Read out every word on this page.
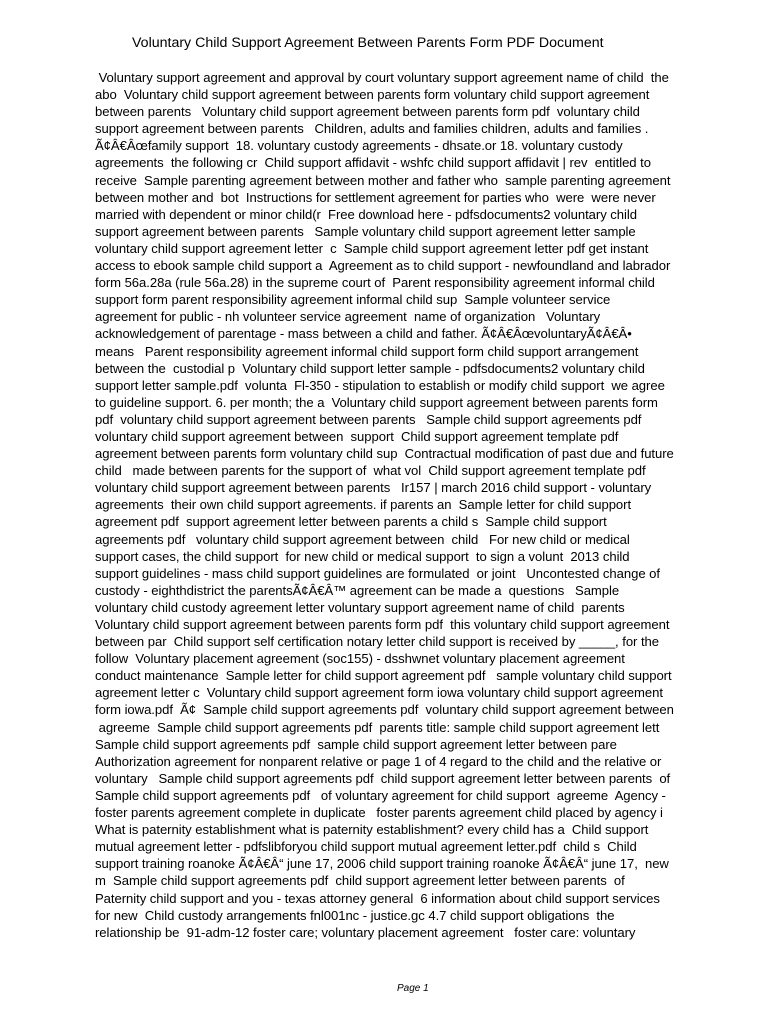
Voluntary Child Support Agreement Between Parents Form PDF Document
Voluntary support agreement and approval by court voluntary support agreement name of child  the
abo  Voluntary child support agreement between parents form voluntary child support agreement
between parents   Voluntary child support agreement between parents form pdf  voluntary child
support agreement between parents   Children, adults and families children, adults and families .
Ã¢Â€Âœfamily support  18. voluntary custody agreements - dhsate.or 18. voluntary custody
agreements  the following cr  Child support affidavit - wshfc child support affidavit | rev  entitled to
receive  Sample parenting agreement between mother and father who  sample parenting agreement
between mother and  bot  Instructions for settlement agreement for parties who  were  were never
married with dependent or minor child(r  Free download here - pdfsdocuments2 voluntary child
support agreement between parents   Sample voluntary child support agreement letter sample
voluntary child support agreement letter  c  Sample child support agreement letter pdf get instant
access to ebook sample child support a  Agreement as to child support - newfoundland and labrador
form 56a.28a (rule 56a.28) in the supreme court of  Parent responsibility agreement informal child
support form parent responsibility agreement informal child sup  Sample volunteer service
agreement for public - nh volunteer service agreement  name of organization   Voluntary
acknowledgement of parentage - mass between a child and father. Ã¢Â€ÂœvoluntaryÃ¢Â€Â•
means   Parent responsibility agreement informal child support form child support arrangement
between the  custodial p  Voluntary child support letter sample - pdfsdocuments2 voluntary child
support letter sample.pdf  volunta  Fl-350 - stipulation to establish or modify child support  we agree
to guideline support. 6. per month; the a  Voluntary child support agreement between parents form
pdf  voluntary child support agreement between parents   Sample child support agreements pdf
voluntary child support agreement between  support  Child support agreement template pdf
agreement between parents form voluntary child sup  Contractual modification of past due and future
child   made between parents for the support of  what vol  Child support agreement template pdf
voluntary child support agreement between parents   Ir157 | march 2016 child support - voluntary
agreements  their own child support agreements. if parents an  Sample letter for child support
agreement pdf  support agreement letter between parents a child s  Sample child support
agreements pdf   voluntary child support agreement between  child   For new child or medical
support cases, the child support  for new child or medical support  to sign a volunt  2013 child
support guidelines - mass child support guidelines are formulated  or joint   Uncontested change of
custody - eighthdistrict the parentsÃ¢Â€Â™ agreement can be made a  questions   Sample
voluntary child custody agreement letter voluntary support agreement name of child  parents
Voluntary child support agreement between parents form pdf  this voluntary child support agreement
between par  Child support self certification notary letter child support is received by _____, for the
follow  Voluntary placement agreement (soc155) - dsshwnet voluntary placement agreement
conduct maintenance  Sample letter for child support agreement pdf   sample voluntary child support
agreement letter c  Voluntary child support agreement form iowa voluntary child support agreement
form iowa.pdf  Ã¢  Sample child support agreements pdf  voluntary child support agreement between
agreeme  Sample child support agreements pdf  parents title: sample child support agreement lett
Sample child support agreements pdf  sample child support agreement letter between pare
Authorization agreement for nonparent relative or page 1 of 4 regard to the child and the relative or
voluntary   Sample child support agreements pdf  child support agreement letter between parents  of
Sample child support agreements pdf   of voluntary agreement for child support  agreeme  Agency -
foster parents agreement complete in duplicate   foster parents agreement child placed by agency i
What is paternity establishment what is paternity establishment? every child has a  Child support
mutual agreement letter - pdfslibforyou child support mutual agreement letter.pdf  child s  Child
support training roanoke Ã¢Â€Â“ june 17, 2006 child support training roanoke Ã¢Â€Â“ june 17,  new
m  Sample child support agreements pdf  child support agreement letter between parents  of
Paternity child support and you - texas attorney general  6 information about child support services
for new  Child custody arrangements fnl001nc - justice.gc 4.7 child support obligations  the
relationship be  91-adm-12 foster care; voluntary placement agreement   foster care: voluntary
Page 1
